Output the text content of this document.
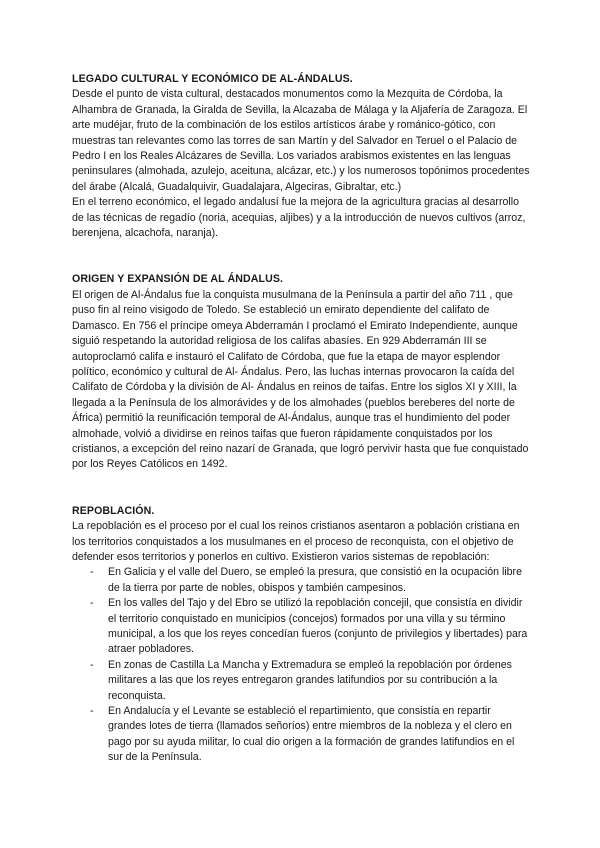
LEGADO CULTURAL Y ECONÓMICO DE AL-ÁNDALUS.

Desde el punto de vista cultural, destacados monumentos como la Mezquita de Córdoba, la Alhambra de Granada, la Giralda de Sevilla, la Alcazaba de Málaga y la Aljafería de Zaragoza. El arte mudéjar, fruto de la combinación de los estilos artísticos árabe y románico-gótico, con muestras tan relevantes como las torres de san Martín y del Salvador en Teruel o el Palacio de Pedro I en los Reales Alcázares de Sevilla. Los variados arabismos existentes en las lenguas peninsulares (almohada, azulejo, aceituna, alcázar, etc.) y los numerosos topónimos procedentes del árabe (Alcalá, Guadalquivir, Guadalajara, Algeciras, Gibraltar, etc.)

En el terreno económico, el legado andalusí fue la mejora de la agricultura gracias al desarrollo de las técnicas de regadío (noria, acequias, aljibes) y a la introducción de nuevos cultivos (arroz, berenjena, alcachofa, naranja).

ORIGEN Y EXPANSIÓN DE AL ÁNDALUS.

El origen de Al-Ándalus fue la conquista musulmana de la Península a partir del año 711 , que puso fin al reino visigodo de Toledo. Se estableció un emirato dependiente del califato de Damasco. En 756 el príncipe omeya Abderramán I proclamó el Emirato Independiente, aunque siguió respetando la autoridad religiosa de los califas abasíes. En 929 Abderramán III se autoproclamó califa e instauró el Califato de Córdoba, que fue la etapa de mayor esplendor político, económico y cultural de Al- Ándalus. Pero, las luchas internas provocaron la caída del Califato de Córdoba y la división de Al- Ándalus en reinos de taifas. Entre los siglos XI y XIII, la llegada a la Península de los almorávides y de los almohades (pueblos bereberes del norte de África) permitió la reunificación temporal de Al-Ándalus, aunque tras el hundimiento del poder almohade, volvió a dividirse en reinos taifas que fueron rápidamente conquistados por los cristianos, a excepción del reino nazarí de Granada, que logró pervivir hasta que fue conquistado por los Reyes Católicos en 1492.

REPOBLACIÓN.

La repoblación es el proceso por el cual los reinos cristianos asentaron a población cristiana en los territorios conquistados a los musulmanes en el proceso de reconquista, con el objetivo de defender esos territorios y ponerlos en cultivo. Existieron varios sistemas de repoblación:

- En Galicia y el valle del Duero, se empleó la presura, que consistió en la ocupación libre de la tierra por parte de nobles, obispos y también campesinos.
- En los valles del Tajo y del Ebro se utilizó la repoblación concejil, que consistía en dividir el territorio conquistado en municipios (concejos) formados por una villa y su término municipal, a los que los reyes concedían fueros (conjunto de privilegios y libertades) para atraer pobladores.
- En zonas de Castilla La Mancha y Extremadura se empleó la repoblación por órdenes militares a las que los reyes entregaron grandes latifundios por su contribución a la reconquista.
- En Andalucía y el Levante se estableció el repartimiento, que consistía en repartir grandes lotes de tierra (llamados señoríos) entre miembros de la nobleza y el clero en pago por su ayuda militar, lo cual dio origen a la formación de grandes latifundios en el sur de la Península.
